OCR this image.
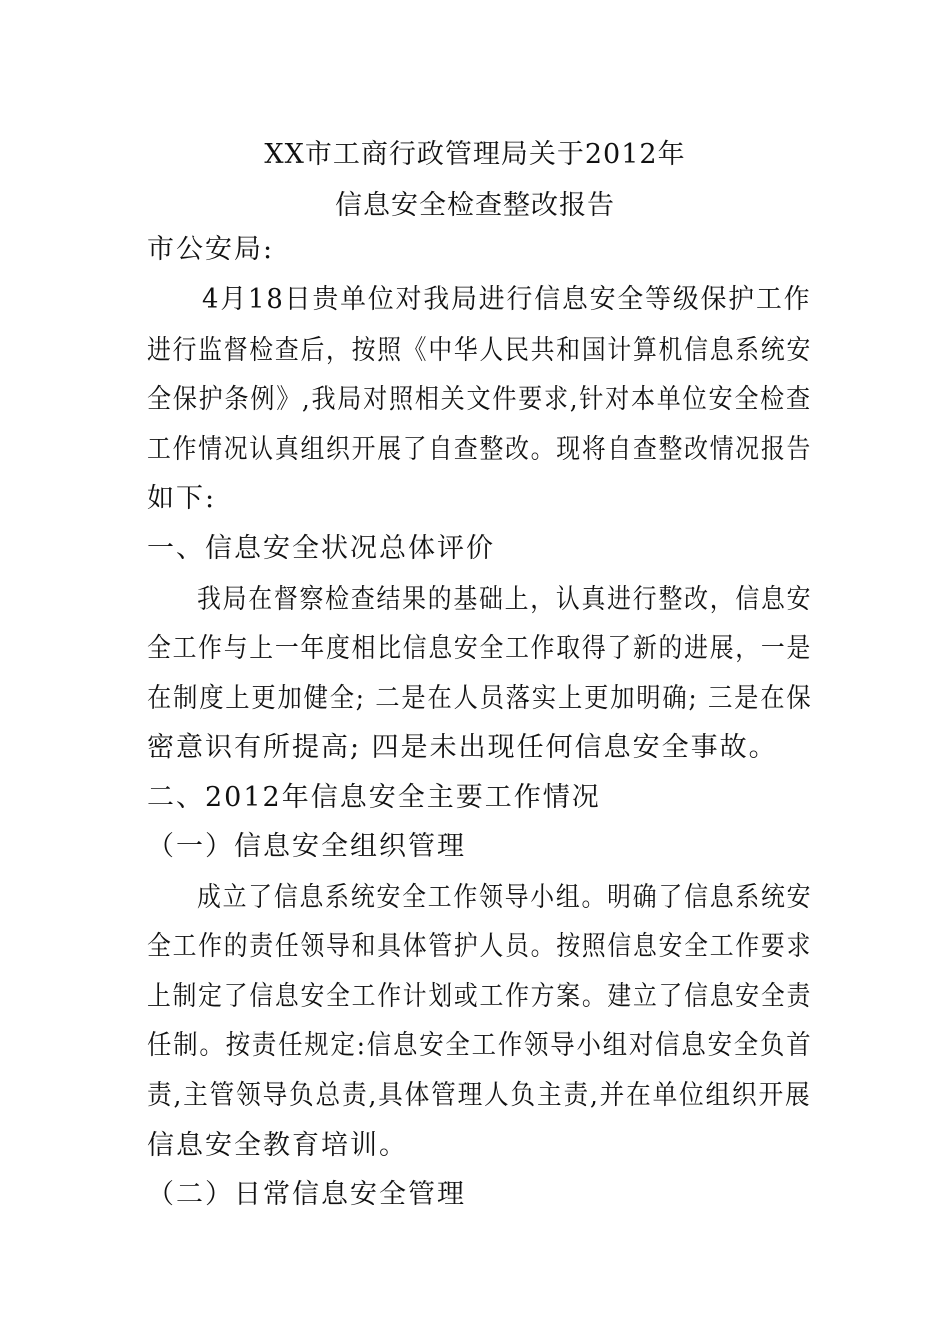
XX市工商行政管理局关于2012年
信息安全检查整改报告
市公安局:
4月18日贵单位对我局进行信息安全等级保护工作
进行监督检查后，按照《中华人民共和国计算机信息系统安
全保护条例》,我局对照相关文件要求,针对本单位安全检查
工作情况认真组织开展了自查整改。现将自查整改情况报告
如下:
一、信息安全状况总体评价
我局在督察检查结果的基础上，认真进行整改，信息安
全工作与上一年度相比信息安全工作取得了新的进展，一是
在制度上更加健全; 二是在人员落实上更加明确; 三是在保
密意识有所提高; 四是未出现任何信息安全事故。
二、2012年信息安全主要工作情况
（一）信息安全组织管理
成立了信息系统安全工作领导小组。明确了信息系统安
全工作的责任领导和具体管护人员。按照信息安全工作要求
上制定了信息安全工作计划或工作方案。建立了信息安全责
任制。按责任规定:信息安全工作领导小组对信息安全负首
责,主管领导负总责,具体管理人负主责,并在单位组织开展
信息安全教育培训。
（二）日常信息安全管理
